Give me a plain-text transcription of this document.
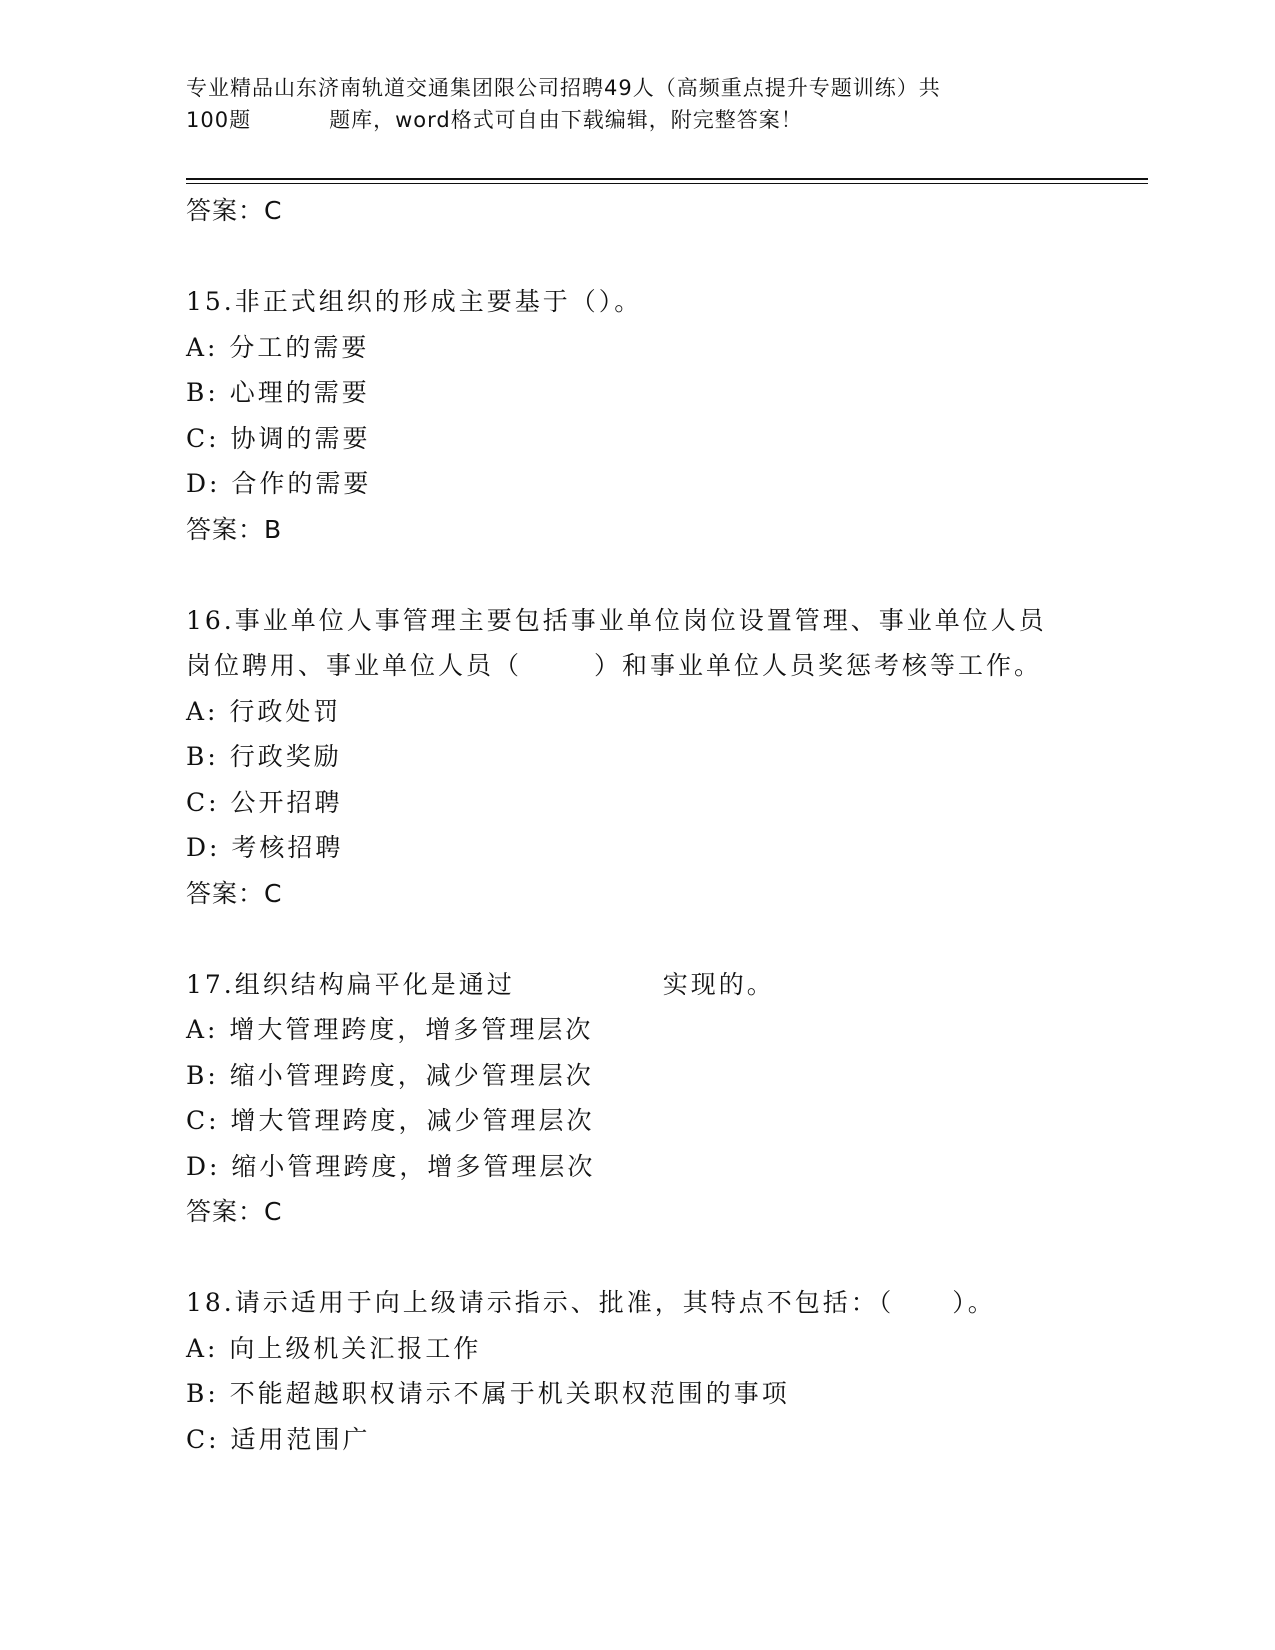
专业精品山东济南轨道交通集团限公司招聘49人（高频重点提升专题训练）共
100题	题库，word格式可自由下载编辑，附完整答案！
答案：C
15.非正式组织的形成主要基于（）。
A: 分工的需要
B: 心理的需要
C: 协调的需要
D: 合作的需要
答案：B
16.事业单位人事管理主要包括事业单位岗位设置管理、事业单位人员
岗位聘用、事业单位人员（	）和事业单位人员奖惩考核等工作。
A: 行政处罚
B: 行政奖励
C: 公开招聘
D: 考核招聘
答案：C
17.组织结构扁平化是通过	实现的。
A: 增大管理跨度，增多管理层次
B: 缩小管理跨度，减少管理层次
C: 增大管理跨度，减少管理层次
D: 缩小管理跨度，增多管理层次
答案：C
18.请示适用于向上级请示指示、批准，其特点不包括：（ ）。
A: 向上级机关汇报工作
B: 不能超越职权请示不属于机关职权范围的事项
C: 适用范围广
